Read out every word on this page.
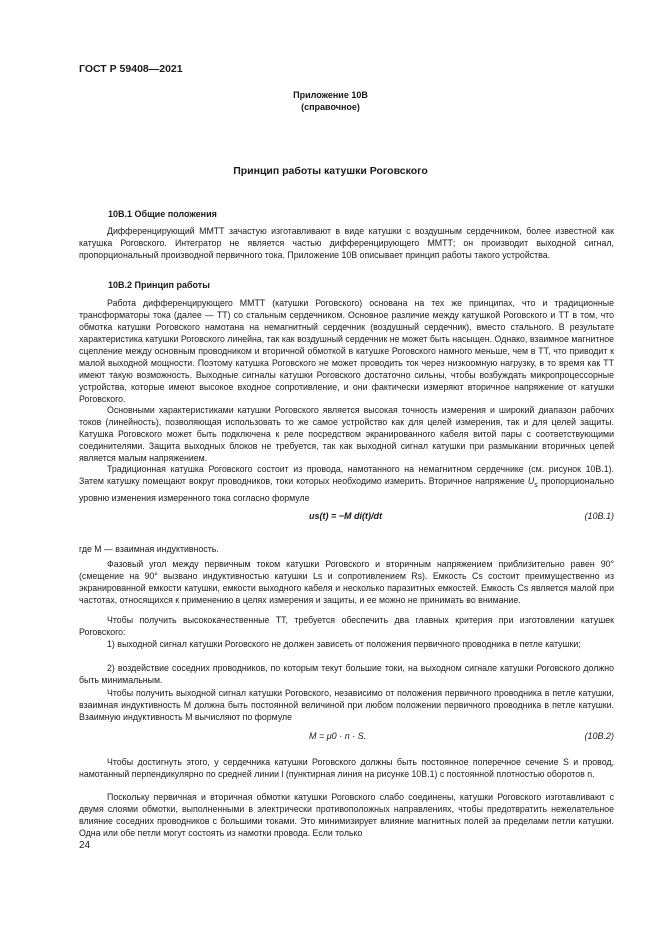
ГОСТ Р 59408—2021
Приложение 10В
(справочное)
Принцип работы катушки Роговского
10В.1 Общие положения
Дифференцирующий ММТТ зачастую изготавливают в виде катушки с воздушным сердечником, более известной как катушка Роговского. Интегратор не является частью дифференцирующего ММТТ; он производит выходной сигнал, пропорциональный производной первичного тока. Приложение 10В описывает принцип работы такого устройства.
10В.2 Принцип работы
Работа дифференцирующего ММТТ (катушки Роговского) основана на тех же принципах, что и традиционные трансформаторы тока (далее — ТТ) со стальным сердечником. Основное различие между катушкой Роговского и ТТ в том, что обмотка катушки Роговского намотана на немагнитный сердечник (воздушный сердечник), вместо стального. В результате характеристика катушки Роговского линейна, так как воздушный сердечник не может быть насыщен. Однако, взаимное магнитное сцепление между основным проводником и вторичной обмоткой в катушке Роговского намного меньше, чем в ТТ, что приводит к малой выходной мощности. Поэтому катушка Роговского не может проводить ток через низкоомную нагрузку, в то время как ТТ имеют такую возможность. Выходные сигналы катушки Роговского достаточно сильны, чтобы возбуждать микропроцессорные устройства, которые имеют высокое входное сопротивление, и они фактически измеряют вторичное напряжение от катушки Роговского.
Основными характеристиками катушки Роговского является высокая точность измерения и широкий диапазон рабочих токов (линейность), позволяющая использовать то же самое устройство как для целей измерения, так и для целей защиты. Катушка Роговского может быть подключена к реле посредством экранированного кабеля витой пары с соответствующими соединителями. Защита выходных блоков не требуется, так как выходной сигнал катушки при размыкании вторичных цепей является малым напряжением.
Традиционная катушка Роговского состоит из провода, намотанного на немагнитном сердечнике (см. рисунок 10В.1). Затем катушку помещают вокруг проводников, токи которых необходимо измерить. Вторичное напряжение $U_s$ пропорционально уровню изменения измеренного тока согласно формуле
us(t) = −M di(t)/dt	(10В.1)
где M — взаимная индуктивность.
Фазовый угол между первичным током катушки Роговского и вторичным напряжением приблизительно равен 90° (смещение на 90° вызвано индуктивностью катушки Ls и сопротивлением Rs). Емкость Cs состоит преимущественно из экранированной емкости катушки, емкости выходного кабеля и несколько паразитных емкостей. Емкость Cs является малой при частотах, относящихся к применению в целях измерения и защиты, и ее можно не принимать во внимание.
Чтобы получить высококачественные ТТ, требуется обеспечить два главных критерия при изготовлении катушек Роговского:
1) выходной сигнал катушки Роговского не должен зависеть от положения первичного проводника в петле катушки;
2) воздействие соседних проводников, по которым текут большие токи, на выходном сигнале катушки Роговского должно быть минимальным.
Чтобы получить выходной сигнал катушки Роговского, независимо от положения первичного проводника в петле катушки, взаимная индуктивность M должна быть постоянной величиной при любом положении первичного проводника в петле катушки. Взаимную индуктивность M вычисляют по формуле
M = μ0 · n · S.	(10В.2)
Чтобы достигнуть этого, у сердечника катушки Роговского должны быть постоянное поперечное сечение S и провод, намотанный перпендикулярно по средней линии l (пунктирная линия на рисунке 10В.1) с постоянной плотностью оборотов n.
Поскольку первичная и вторичная обмотки катушки Роговского слабо соединены, катушки Роговского изготавливают с двумя слоями обмотки, выполненными в электрически противоположных направлениях, чтобы предотвратить нежелательное влияние соседних проводников с большими токами. Это минимизирует влияние магнитных полей за пределами петли катушки. Одна или обе петли могут состоять из намотки провода. Если только
24
